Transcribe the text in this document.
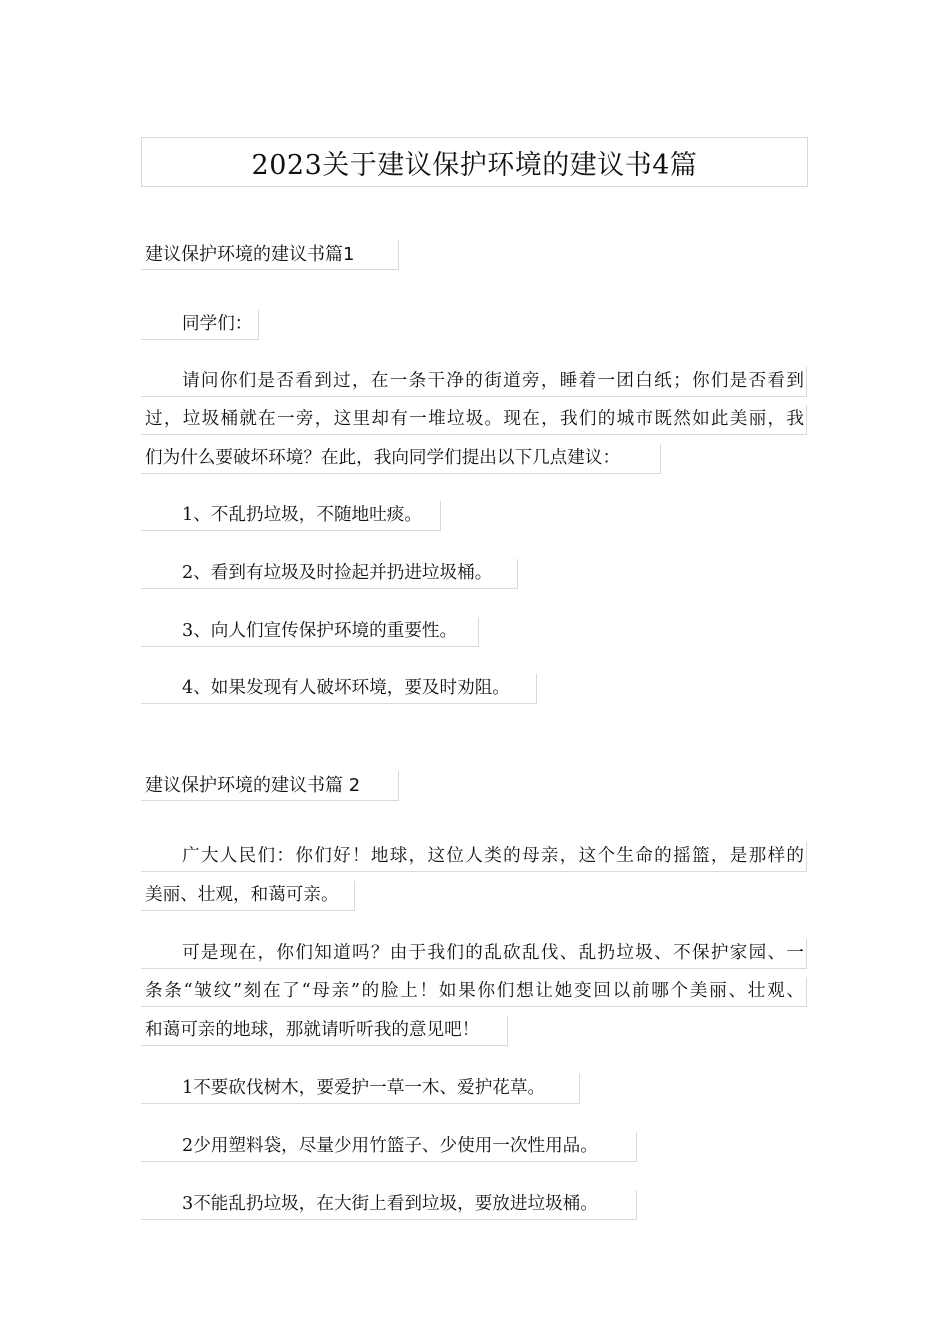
2023关于建议保护环境的建议书4篇
建议保护环境的建议书篇1
同学们：
请问你们是否看到过，在一条干净的街道旁，睡着一团白纸；你们是否看到
过，垃圾桶就在一旁，这里却有一堆垃圾。现在，我们的城市既然如此美丽，我
们为什么要破坏环境？在此，我向同学们提出以下几点建议：
1、不乱扔垃圾，不随地吐痰。
2、看到有垃圾及时捡起并扔进垃圾桶。
3、向人们宣传保护环境的重要性。
4、如果发现有人破坏环境，要及时劝阻。
建议保护环境的建议书篇 2
广大人民们：你们好！地球，这位人类的母亲，这个生命的摇篮，是那样的
美丽、壮观，和蔼可亲。
可是现在，你们知道吗？由于我们的乱砍乱伐、乱扔垃圾、不保护家园、一
条条“皱纹”刻在了“母亲”的脸上！如果你们想让她变回以前哪个美丽、壮观、
和蔼可亲的地球，那就请听听我的意见吧！
1不要砍伐树木，要爱护一草一木、爱护花草。
2少用塑料袋，尽量少用竹篮子、少使用一次性用品。
3不能乱扔垃圾，在大街上看到垃圾，要放进垃圾桶。
